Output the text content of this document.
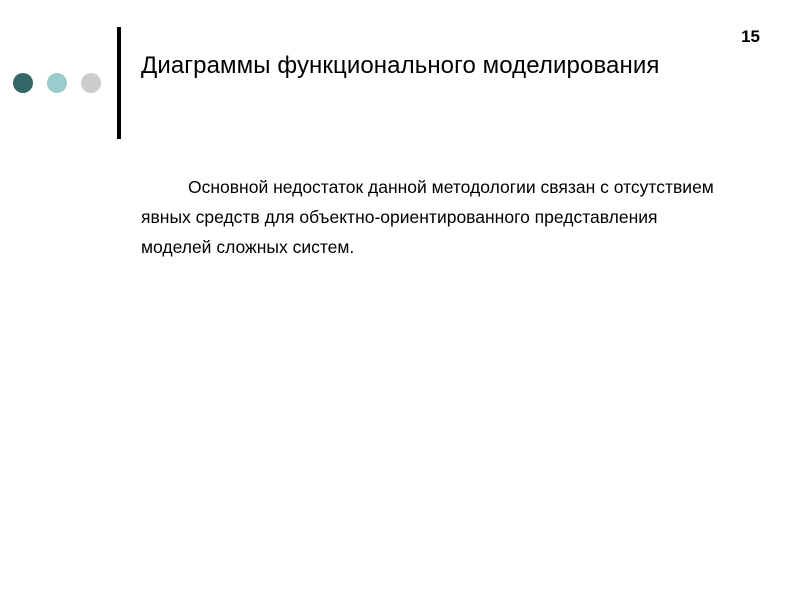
15
Диаграммы функционального моделирования

Основной недостаток данной методологии связан с отсутствием явных средств для объектно-ориентированного представления моделей сложных систем.
